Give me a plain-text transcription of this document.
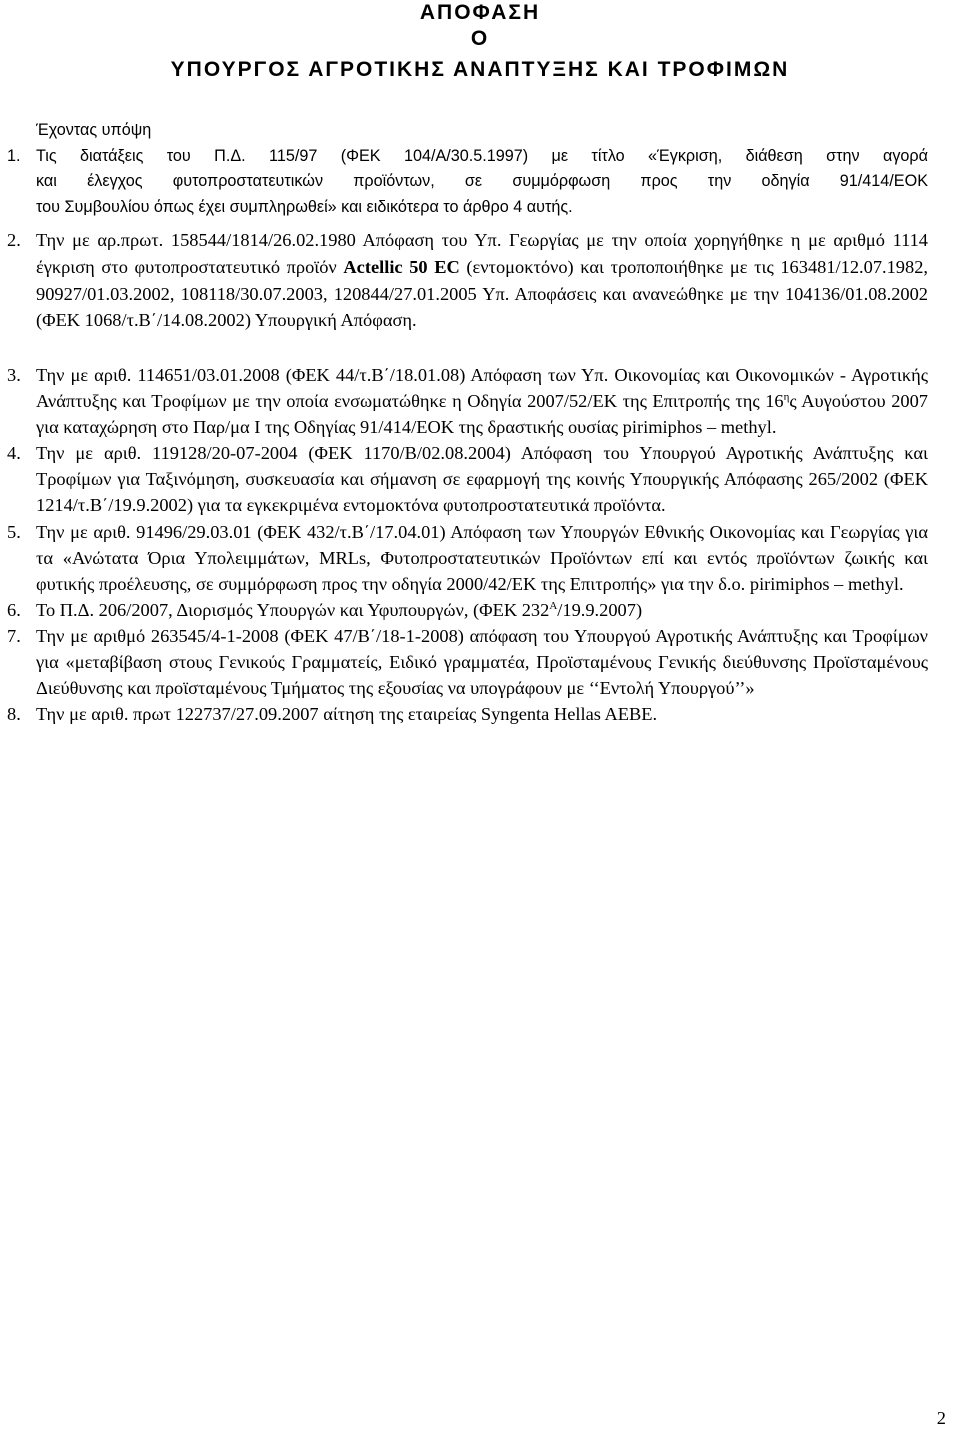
ΑΠΟΦΑΣΗ
Ο
ΥΠΟΥΡΓΟΣ ΑΓΡΟΤΙΚΗΣ ΑΝΑΠΤΥΞΗΣ ΚΑΙ ΤΡΟΦΙΜΩΝ

Έχοντας υπόψη

1. Τις διατάξεις του Π.Δ. 115/97 (ΦΕΚ 104/Α/30.5.1997) με τίτλο «Έγκριση, διάθεση στην αγορά

και έλεγχος φυτοπροστατευτικών προϊόντων, σε συμμόρφωση προς την οδηγία 91/414/ΕΟΚ

του Συμβουλίου όπως έχει συμπληρωθεί» και ειδικότερα το άρθρο 4 αυτής.

2. Την με αρ.πρωτ. 158544/1814/26.02.1980 Απόφαση του Υπ. Γεωργίας με την οποία χορηγήθηκε η με αριθμό 1114 έγκριση στο φυτοπροστατευτικό προϊόν Actellic 50 EC (εντομοκτόνο) και τροποποιήθηκε με τις 163481/12.07.1982, 90927/01.03.2002, 108118/30.07.2003, 120844/27.01.2005 Υπ. Αποφάσεις και ανανεώθηκε με την 104136/01.08.2002 (ΦΕΚ 1068/τ.Β΄/14.08.2002) Υπουργική Απόφαση.
3. Την με αριθ. 114651/03.01.2008 (ΦΕΚ 44/τ.Β΄/18.01.08) Απόφαση των Υπ. Οικονομίας και Οικονομικών - Αγροτικής Ανάπτυξης και Τροφίμων με την οποία ενσωματώθηκε η Οδηγία 2007/52/ΕΚ της Επιτροπής της $16^\eta\varsigma$ Αυγούστου 2007 για καταχώρηση στο Παρ/μα Ι της Οδηγίας 91/414/ΕΟΚ της δραστικής ουσίας pirimiphos – methyl.
4. Την με αριθ. 119128/20-07-2004 (ΦΕΚ 1170/Β/02.08.2004) Απόφαση του Υπουργού Αγροτικής Ανάπτυξης και Τροφίμων για Ταξινόμηση, συσκευασία και σήμανση σε εφαρμογή της κοινής Υπουργικής Απόφασης 265/2002 (ΦΕΚ 1214/τ.Β΄/19.9.2002) για τα εγκεκριμένα εντομοκτόνα φυτοπροστατευτικά προϊόντα.
5. Την με αριθ. 91496/29.03.01 (ΦΕΚ 432/τ.Β΄/17.04.01) Απόφαση των Υπουργών Εθνικής Οικονομίας και Γεωργίας για τα «Ανώτατα Όρια Υπολειμμάτων, MRLs, Φυτοπροστατευτικών Προϊόντων επί και εντός προϊόντων ζωικής και φυτικής προέλευσης, σε συμμόρφωση προς την οδηγία 2000/42/ΕΚ της Επιτροπής» για την δ.ο. pirimiphos – methyl.
6. Το Π.Δ. 206/2007, Διορισμός Υπουργών και Υφυπουργών, (ΦΕΚ $232^A/19.9.2007$)
7. Την με αριθμό 263545/4-1-2008 (ΦΕΚ 47/Β΄/18-1-2008) απόφαση του Υπουργού Αγροτικής Ανάπτυξης και Τροφίμων για «μεταβίβαση στους Γενικούς Γραμματείς, Ειδικό γραμματέα, Προϊσταμένους Γενικής διεύθυνσης Προϊσταμένους Διεύθυνσης και προϊσταμένους Τμήματος της εξουσίας να υπογράφουν με ‘‘Εντολή Υπουργού’’»
8. Την με αριθ. πρωτ 122737/27.09.2007 αίτηση της εταιρείας Syngenta Hellas AEBE.
2
